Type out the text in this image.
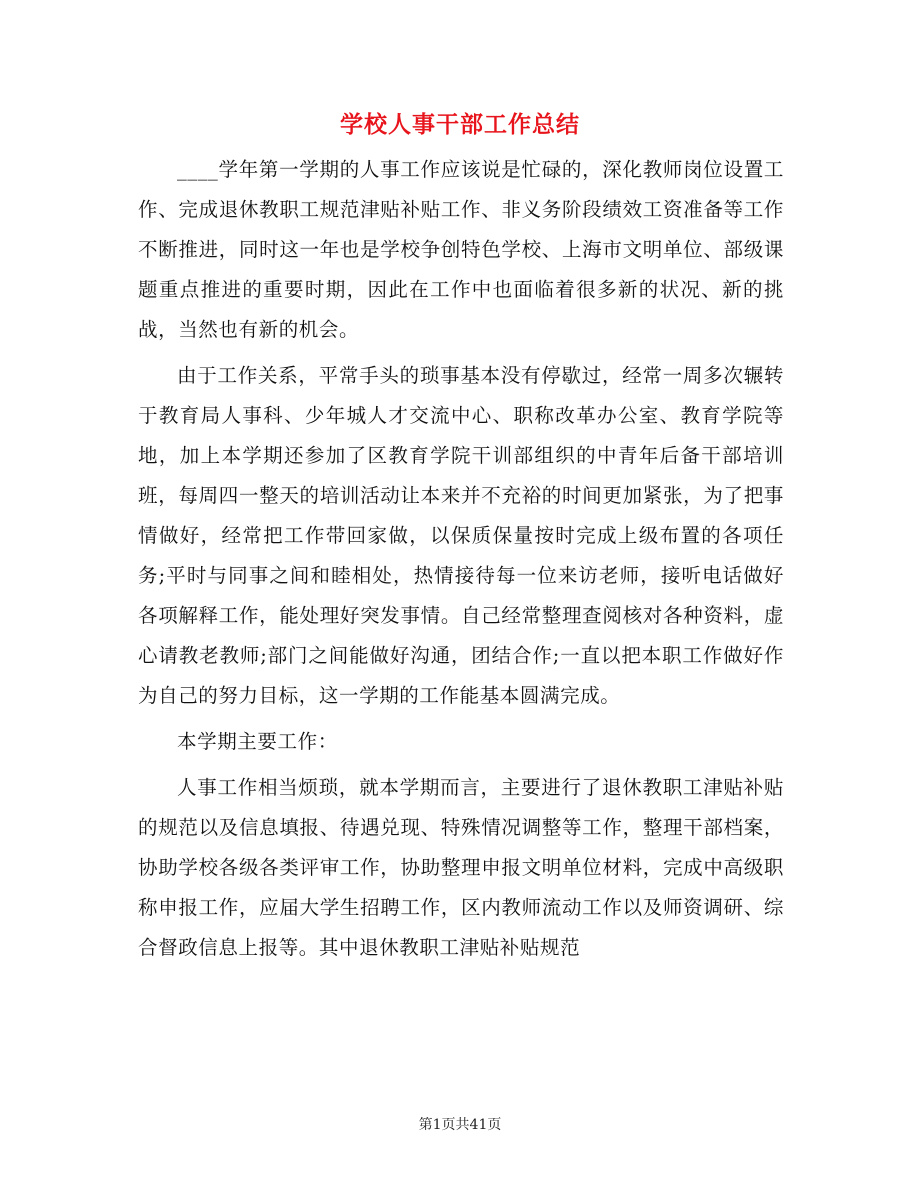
学校人事干部工作总结

____学年第一学期的人事工作应该说是忙碌的，深化教师岗位设置工作、完成退休教职工规范津贴补贴工作、非义务阶段绩效工资准备等工作不断推进，同时这一年也是学校争创特色学校、上海市文明单位、部级课题重点推进的重要时期，因此在工作中也面临着很多新的状况、新的挑战，当然也有新的机会。

由于工作关系，平常手头的琐事基本没有停歇过，经常一周多次辗转于教育局人事科、少年城人才交流中心、职称改革办公室、教育学院等地，加上本学期还参加了区教育学院干训部组织的中青年后备干部培训班，每周四一整天的培训活动让本来并不充裕的时间更加紧张，为了把事情做好，经常把工作带回家做，以保质保量按时完成上级布置的各项任务;平时与同事之间和睦相处，热情接待每一位来访老师，接听电话做好各项解释工作，能处理好突发事情。自己经常整理查阅核对各种资料，虚心请教老教师;部门之间能做好沟通，团结合作;一直以把本职工作做好作为自己的努力目标，这一学期的工作能基本圆满完成。

本学期主要工作：

人事工作相当烦琐，就本学期而言，主要进行了退休教职工津贴补贴的规范以及信息填报、待遇兑现、特殊情况调整等工作，整理干部档案，协助学校各级各类评审工作，协助整理申报文明单位材料，完成中高级职称申报工作，应届大学生招聘工作，区内教师流动工作以及师资调研、综合督政信息上报等。其中退休教职工津贴补贴规范

第1页共41页
